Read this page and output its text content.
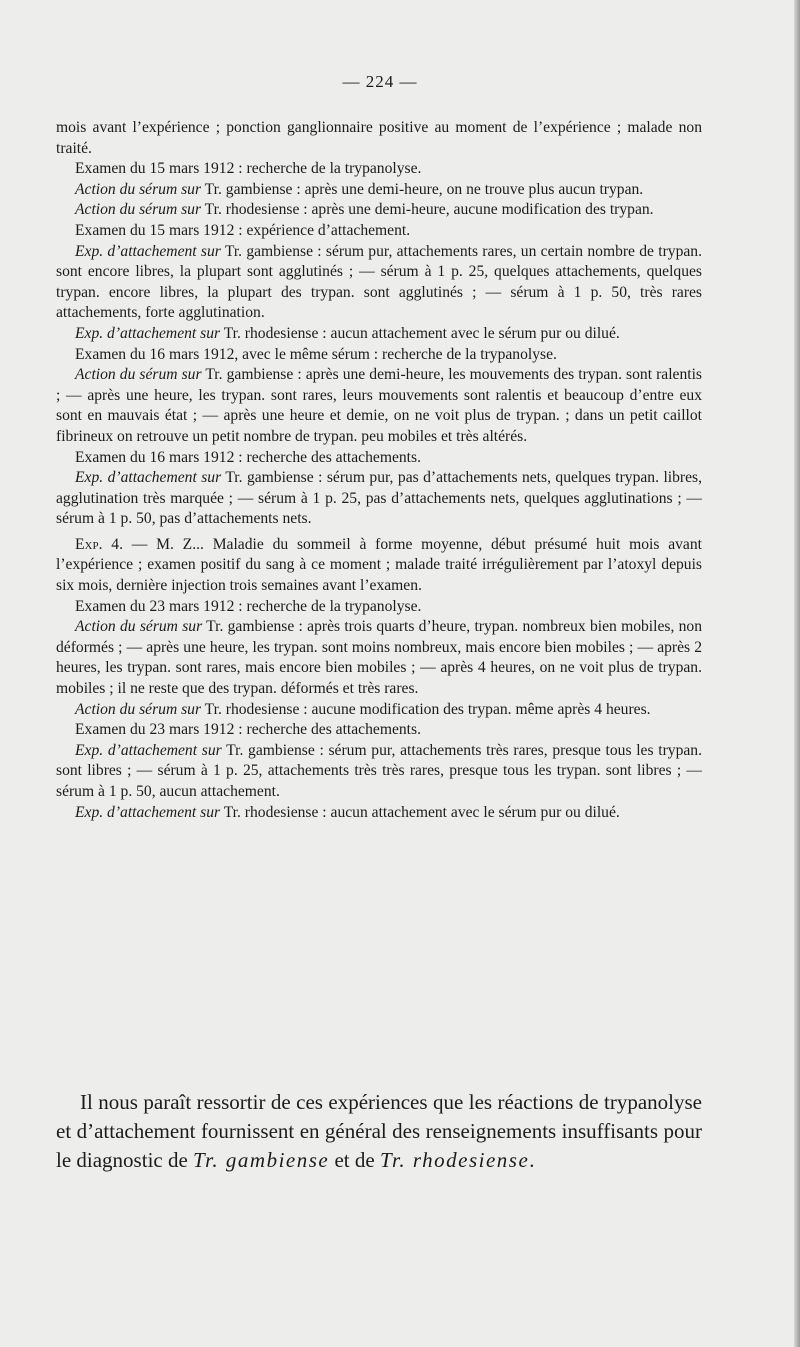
— 224 —

mois avant l’expérience ; ponction ganglionnaire positive au moment de l’expérience ; malade non traité.

Examen du 15 mars 1912 : recherche de la trypanolyse.

Action du sérum sur Tr. gambiense : après une demi-heure, on ne trouve plus aucun trypan.

Action du sérum sur Tr. rhodesiense : après une demi-heure, aucune modification des trypan.

Examen du 15 mars 1912 : expérience d’attachement.

Exp. d’attachement sur Tr. gambiense : sérum pur, attachements rares, un certain nombre de trypan. sont encore libres, la plupart sont agglutinés ; — sérum à 1 p. 25, quelques attachements, quelques trypan. encore libres, la plupart des trypan. sont agglutinés ; — sérum à 1 p. 50, très rares attachements, forte agglutination.

Exp. d’attachement sur Tr. rhodesiense : aucun attachement avec le sérum pur ou dilué.

Examen du 16 mars 1912, avec le même sérum : recherche de la trypanolyse.

Action du sérum sur Tr. gambiense : après une demi-heure, les mouvements des trypan. sont ralentis ; — après une heure, les trypan. sont rares, leurs mouvements sont ralentis et beaucoup d’entre eux sont en mauvais état ; — après une heure et demie, on ne voit plus de trypan. ; dans un petit caillot fibrineux on retrouve un petit nombre de trypan. peu mobiles et très altérés.

Examen du 16 mars 1912 : recherche des attachements.

Exp. d’attachement sur Tr. gambiense : sérum pur, pas d’attachements nets, quelques trypan. libres, agglutination très marquée ; — sérum à 1 p. 25, pas d’attachements nets, quelques agglutinations ; — sérum à 1 p. 50, pas d’attachements nets.

Exp. 4. — M. Z... Maladie du sommeil à forme moyenne, début présumé huit mois avant l’expérience ; examen positif du sang à ce moment ; malade traité irrégulièrement par l’atoxyl depuis six mois, dernière injection trois semaines avant l’examen.

Examen du 23 mars 1912 : recherche de la trypanolyse.

Action du sérum sur Tr. gambiense : après trois quarts d’heure, trypan. nombreux bien mobiles, non déformés ; — après une heure, les trypan. sont moins nombreux, mais encore bien mobiles ; — après 2 heures, les trypan. sont rares, mais encore bien mobiles ; — après 4 heures, on ne voit plus de trypan. mobiles ; il ne reste que des trypan. déformés et très rares.

Action du sérum sur Tr. rhodesiense : aucune modification des trypan. même après 4 heures.

Examen du 23 mars 1912 : recherche des attachements.

Exp. d’attachement sur Tr. gambiense : sérum pur, attachements très rares, presque tous les trypan. sont libres ; — sérum à 1 p. 25, attachements très très rares, presque tous les trypan. sont libres ; — sérum à 1 p. 50, aucun attachement.

Exp. d’attachement sur Tr. rhodesiense : aucun attachement avec le sérum pur ou dilué.

Il nous paraît ressortir de ces expériences que les réactions de trypanolyse et d’attachement fournissent en général des renseignements insuffisants pour le diagnostic de Tr. gambiense et de Tr. rhodesiense.
